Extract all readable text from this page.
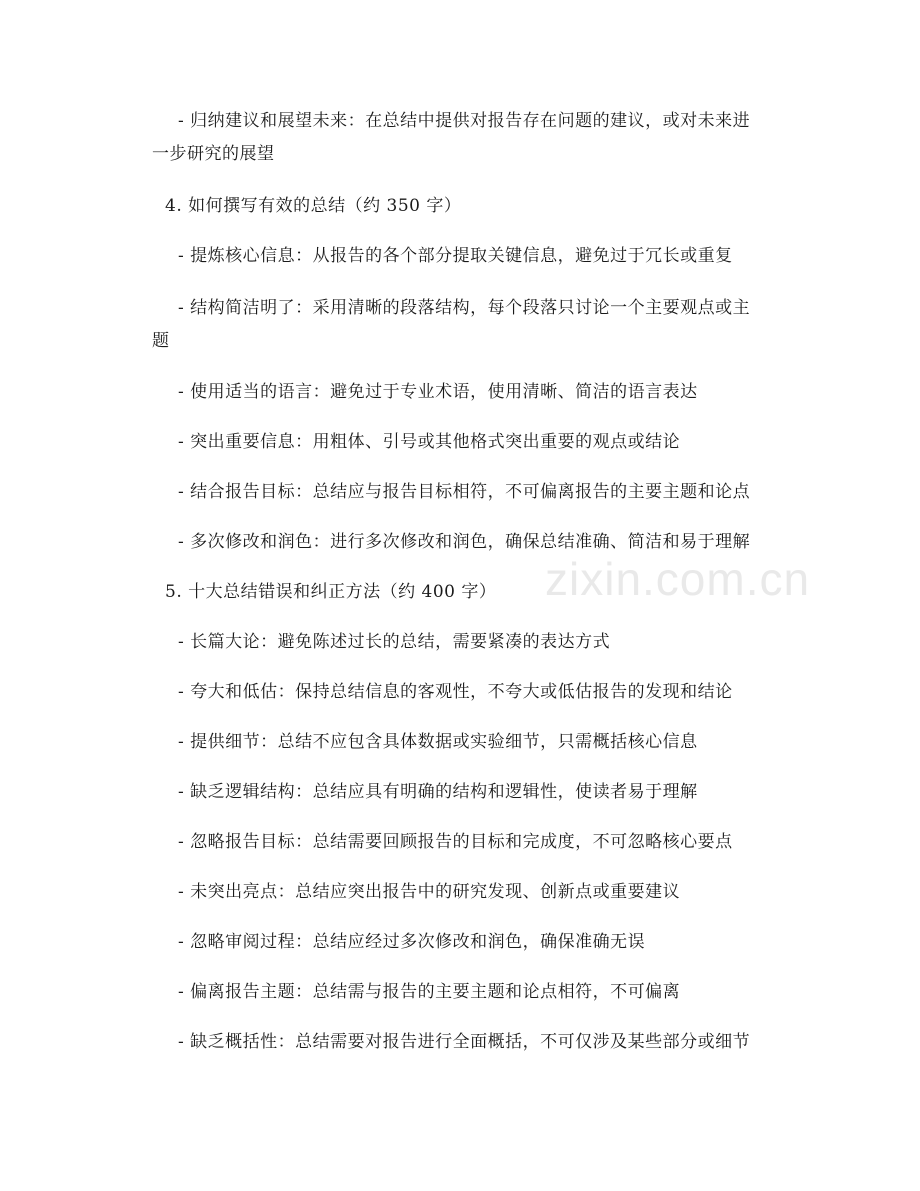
zixin.com.cn
- 归纳建议和展望未来：在总结中提供对报告存在问题的建议，或对未来进
一步研究的展望
4. 如何撰写有效的总结（约 350 字）
- 提炼核心信息：从报告的各个部分提取关键信息，避免过于冗长或重复
- 结构简洁明了：采用清晰的段落结构，每个段落只讨论一个主要观点或主
题
- 使用适当的语言：避免过于专业术语，使用清晰、简洁的语言表达
- 突出重要信息：用粗体、引号或其他格式突出重要的观点或结论
- 结合报告目标：总结应与报告目标相符，不可偏离报告的主要主题和论点
- 多次修改和润色：进行多次修改和润色，确保总结准确、简洁和易于理解
5. 十大总结错误和纠正方法（约 400 字）
- 长篇大论：避免陈述过长的总结，需要紧凑的表达方式
- 夸大和低估：保持总结信息的客观性，不夸大或低估报告的发现和结论
- 提供细节：总结不应包含具体数据或实验细节，只需概括核心信息
- 缺乏逻辑结构：总结应具有明确的结构和逻辑性，使读者易于理解
- 忽略报告目标：总结需要回顾报告的目标和完成度，不可忽略核心要点
- 未突出亮点：总结应突出报告中的研究发现、创新点或重要建议
- 忽略审阅过程：总结应经过多次修改和润色，确保准确无误
- 偏离报告主题：总结需与报告的主要主题和论点相符，不可偏离
- 缺乏概括性：总结需要对报告进行全面概括，不可仅涉及某些部分或细节
